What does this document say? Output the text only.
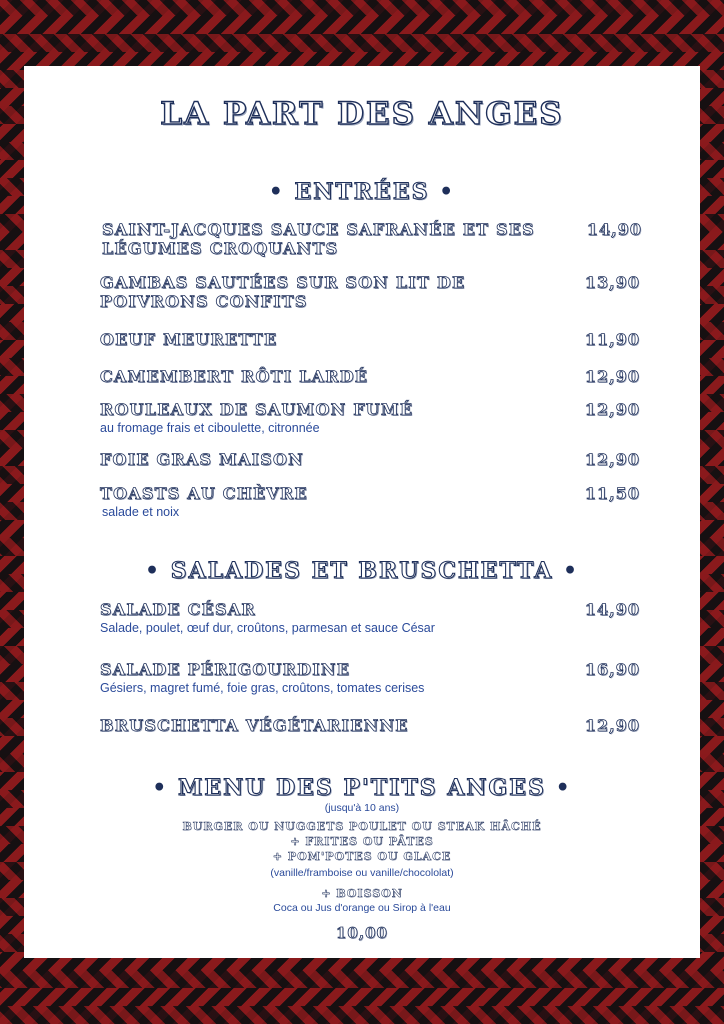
LA PART DES ANGES
• ENTRÉES •
SAINT-JACQUES SAUCE SAFRANÉE ET SES LÉGUMES CROQUANTS
14,90
GAMBAS SAUTÉES SUR SON LIT DE POIVRONS CONFITS
13,90
OEUF MEURETTE	11,90
CAMEMBERT RÔTI LARDÉ	12,90
ROULEAUX DE SAUMON FUMÉ
au fromage frais et ciboulette, citronnée
12,90
FOIE GRAS MAISON	12,90
TOASTS AU CHÈVRE
salade et noix
11,50
• SALADES ET BRUSCHETTA •
SALADE CÉSAR
Salade, poulet, œuf dur, croûtons, parmesan et sauce César
14,90
SALADE PÉRIGOURDINE
Gésiers, magret fumé, foie gras, croûtons, tomates cerises
16,90
BRUSCHETTA VÉGÉTARIENNE	12,90
• MENU DES P'TITS ANGES •
(jusqu'à 10 ans)
BURGER OU NUGGETS POULET OU STEAK HÂCHÉ
+ FRITES OU PÂTES
+ POM'POTES OU GLACE
(vanille/framboise ou vanille/chocololat)
+ BOISSON
Coca ou Jus d'orange ou Sirop à l'eau
10,00
